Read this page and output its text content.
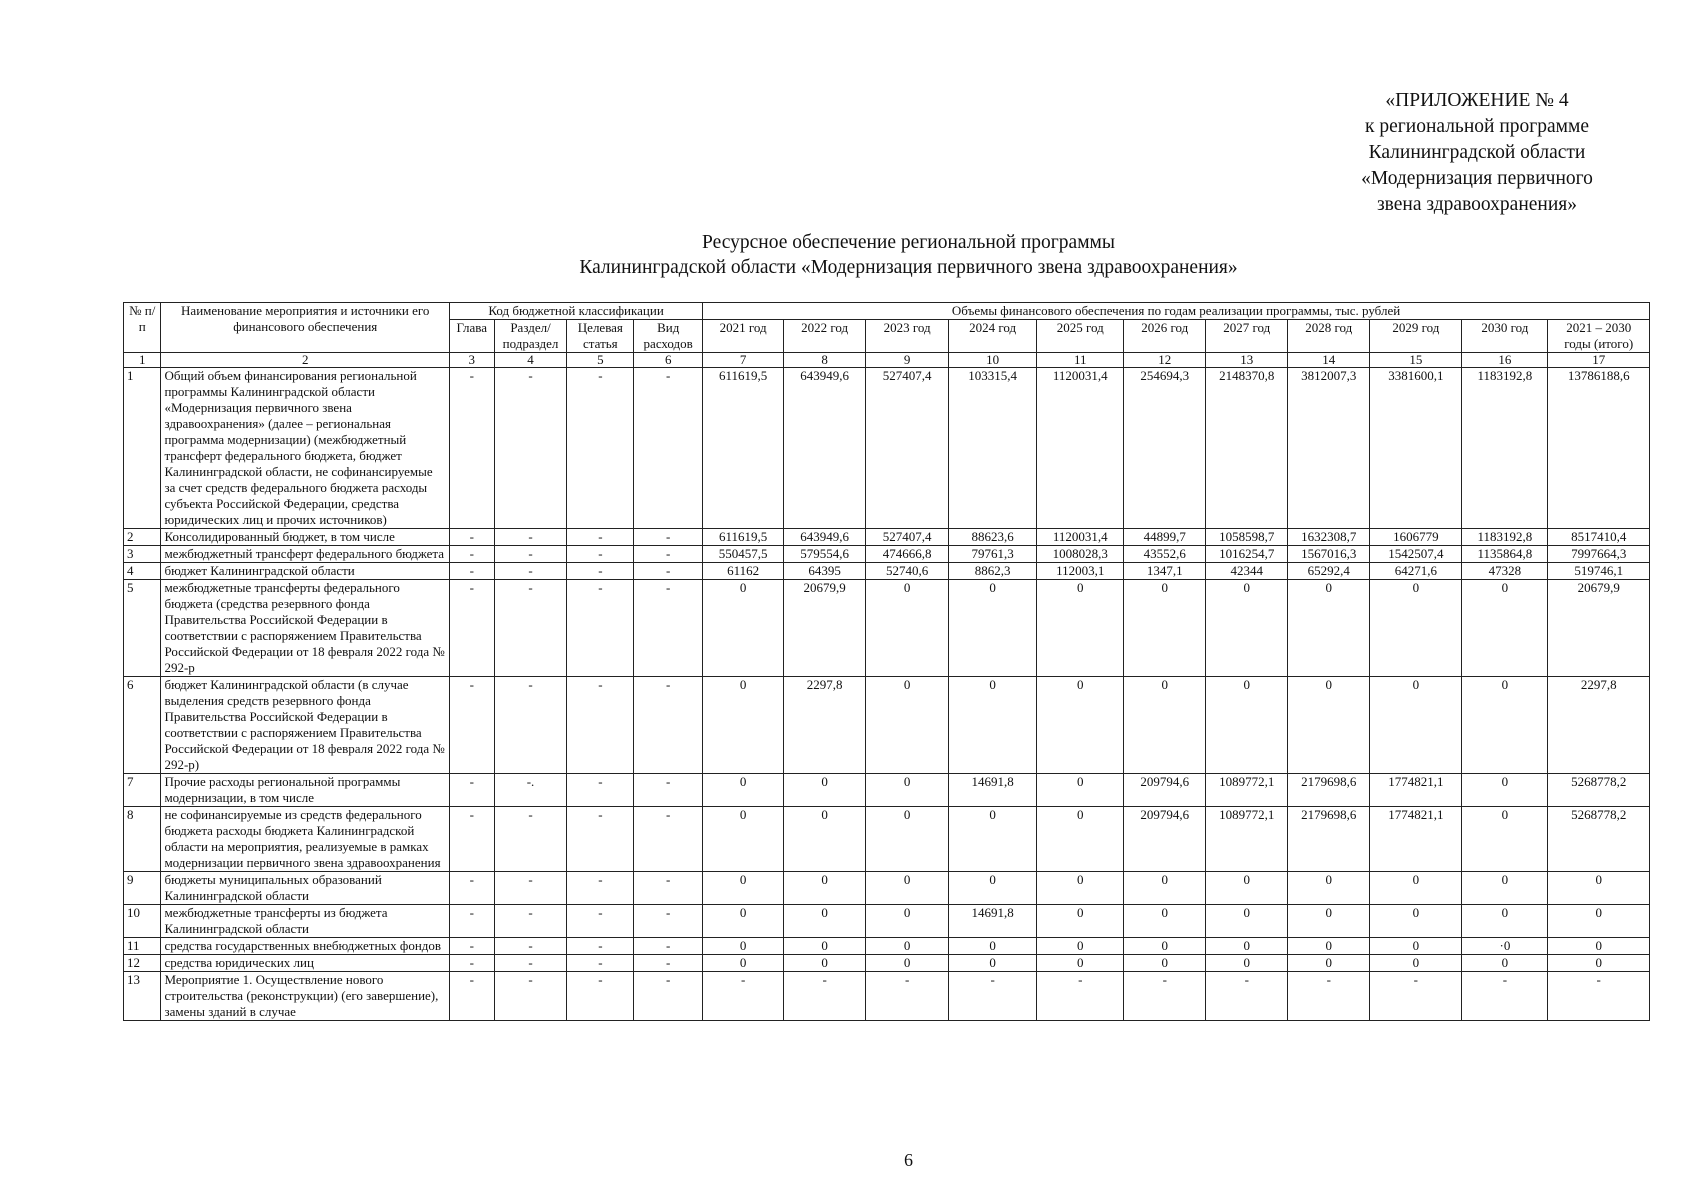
«ПРИЛОЖЕНИЕ № 4
к региональной программе
Калининградской области
«Модернизация первичного
звена здравоохранения»
Ресурсное обеспечение региональной программы
Калининградской области «Модернизация первичного звена здравоохранения»
№ п/п	Наименование мероприятия и источники его финансового обеспечения	Код бюджетной классификации				Объемы финансового обеспечения по годам реализации программы, тыс. рублей										
		Глава	Раздел/ подраздел	Целевая статья	Вид расходов	2021 год	2022 год	2023 год	2024 год	2025 год	2026 год	2027 год	2028 год	2029 год	2030 год	2021 – 2030 годы (итого)
1	2	3	4	5	6	7	8	9	10	11	12	13	14	15	16	17
1	Общий объем финансирования региональной программы Калининградской области «Модернизация первичного звена здравоохранения» (далее – региональная программа модернизации) (межбюджетный трансферт федерального бюджета, бюджет Калининградской области, не софинансируемые за счет средств федерального бюджета расходы субъекта Российской Федерации, средства юридических лиц и прочих источников)	-	-	-	-	611619,5	643949,6	527407,4	103315,4	1120031,4	254694,3	2148370,8	3812007,3	3381600,1	1183192,8	13786188,6
2	Консолидированный бюджет, в том числе	-	-	-	-	611619,5	643949,6	527407,4	88623,6	1120031,4	44899,7	1058598,7	1632308,7	1606779	1183192,8	8517410,4
3	межбюджетный трансферт федерального бюджета	-	-	-	-	550457,5	579554,6	474666,8	79761,3	1008028,3	43552,6	1016254,7	1567016,3	1542507,4	1135864,8	7997664,3
4	бюджет Калининградской области	-	-	-	-	61162	64395	52740,6	8862,3	112003,1	1347,1	42344	65292,4	64271,6	47328	519746,1
5	межбюджетные трансферты федерального бюджета (средства резервного фонда Правительства Российской Федерации в соответствии с распоряжением Правительства Российской Федерации от 18 февраля 2022 года № 292-р	-	-	-	-	0	20679,9	0	0	0	0	0	0	0	0	20679,9
6	бюджет Калининградской области (в случае выделения средств резервного фонда Правительства Российской Федерации в соответствии с распоряжением Правительства Российской Федерации от 18 февраля 2022 года № 292-р)	-	-	-	-	0	2297,8	0	0	0	0	0	0	0	0	2297,8
7	Прочие расходы региональной программы модернизации, в том числе	-	-.	-	-	0	0	0	14691,8	0	209794,6	1089772,1	2179698,6	1774821,1	0	5268778,2
8	не софинансируемые из средств федерального бюджета расходы бюджета Калининградской области на мероприятия, реализуемые в рамках модернизации первичного звена здравоохранения	-	-	-	-	0	0	0	0	0	209794,6	1089772,1	2179698,6	1774821,1	0	5268778,2
9	бюджеты муниципальных образований Калининградской области	-	-	-	-	0	0	0	0	0	0	0	0	0	0	0
10	межбюджетные трансферты из бюджета Калининградской области	-	-	-	-	0	0	0	14691,8	0	0	0	0	0	0	0
11	средства государственных внебюджетных фондов	-	-	-	-	0	0	0	0	0	0	0	0	0	·0	0
12	средства юридических лиц	-	-	-	-	0	0	0	0	0	0	0	0	0	0	0
13	Мероприятие 1. Осуществление нового строительства (реконструкции) (его завершение), замены зданий в случае	-	-	-	-	-	-	-	-	-	-	-	-	-	-	-
6
